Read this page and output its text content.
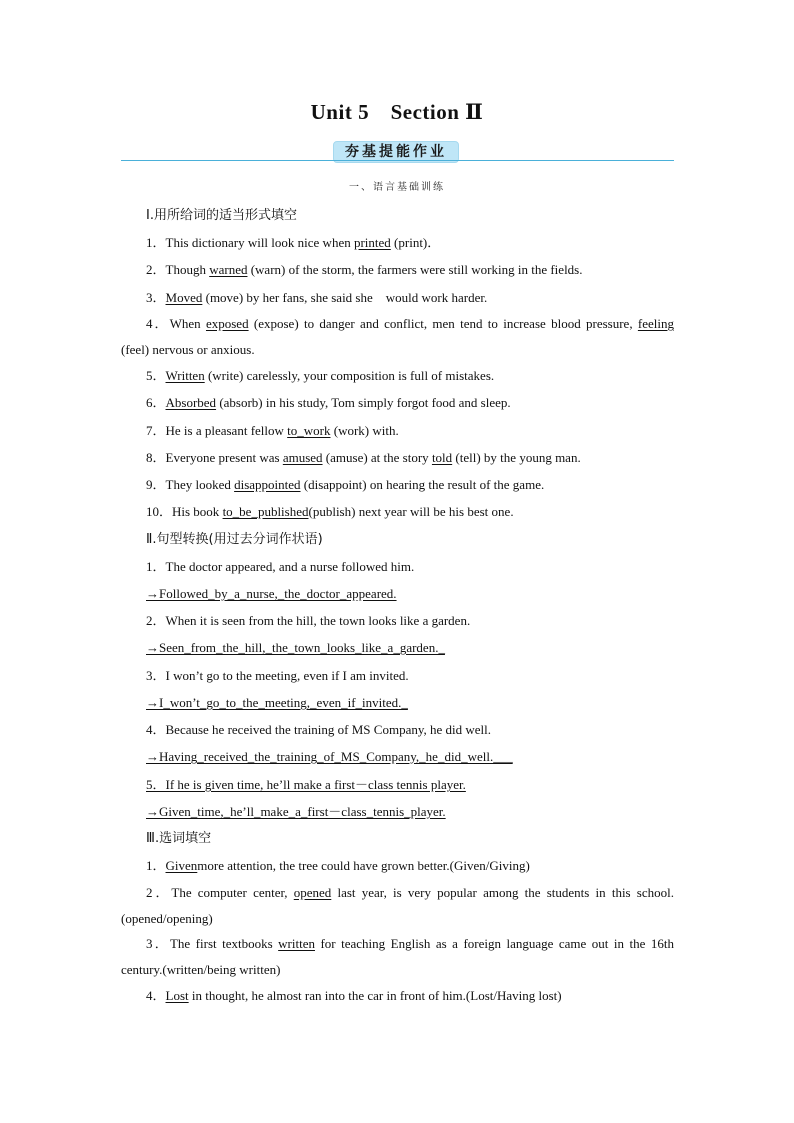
Unit 5　Section Ⅱ
夯基提能作业
一、语言基础训练
Ⅰ.用所给词的适当形式填空
1．This dictionary will look nice when printed (print)．
2．Though warned (warn) of the storm, the farmers were still working in the fields.
3．Moved (move) by her fans, she said she　would work harder.
4．When exposed (expose) to danger and conflict, men tend to increase blood pressure, feeling (feel) nervous or anxious.
5．Written (write) carelessly, your composition is full of mistakes.
6．Absorbed (absorb) in his study, Tom simply forgot food and sleep.
7．He is a pleasant fellow to_work (work) with.
8．Everyone present was amused (amuse) at the story told (tell) by the young man.
9．They looked disappointed (disappoint) on hearing the result of the game.
10．His book to_be_published(publish) next year will be his best one.
Ⅱ.句型转换(用过去分词作状语)
1．The doctor appeared, and a nurse followed him.
→Followed_by_a_nurse,_the_doctor_appeared.
2．When it is seen from the hill, the town looks like a garden.
→Seen_from_the_hill,_the_town_looks_like_a_garden._
3．I won’t go to the meeting, even if I am invited.
→I_won’t_go_to_the_meeting,_even_if_invited._
4．Because he received the training of MS Company, he did well.
→Having_received_the_training_of_MS_Company,_he_did_well.___
5．If he is given time, he’ll make a first－class tennis player.
→Given_time,_he’ll_make_a_first－class_tennis_player.
Ⅲ.选词填空
1．Givenmore attention, the tree could have grown better.(Given/Giving)
2．The computer center, opened last year, is very popular among the students in this school.(opened/opening)
3．The first textbooks written for teaching English as a foreign language came out in the 16th century.(written/being written)
4．Lost in thought, he almost ran into the car in front of him.(Lost/Having lost)
